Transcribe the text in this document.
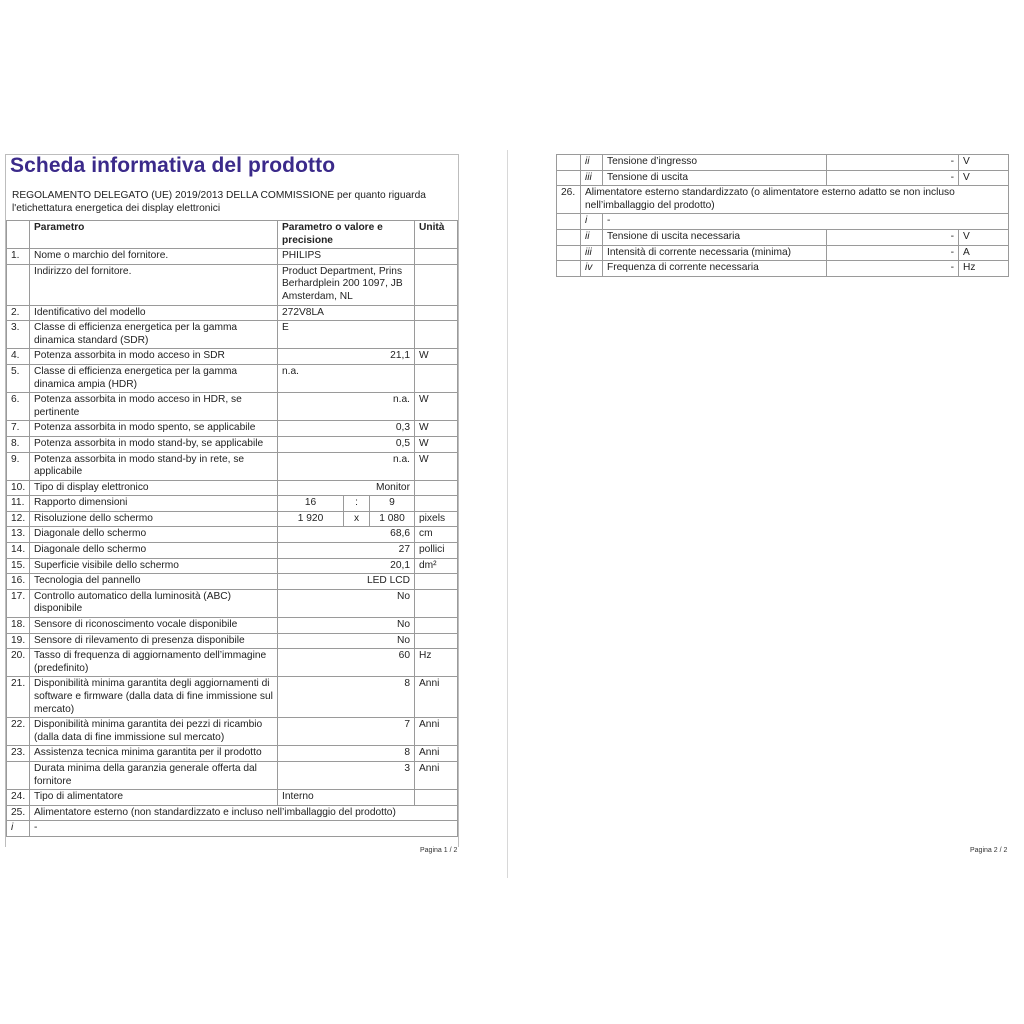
Scheda informativa del prodotto
REGOLAMENTO DELEGATO (UE) 2019/2013 DELLA COMMISSIONE per quanto riguarda l'etichettatura energetica dei display elettronici
	Parametro	Parametro o valore e precisione			Unità
1.	Nome o marchio del fornitore.	PHILIPS			
	Indirizzo del fornitore.	Product Department, Prins Berhardplein 200 1097, JB Amsterdam, NL			
2.	Identificativo del modello	272V8LA			
3.	Classe di efficienza energetica per la gamma dinamica standard (SDR)	E			
4.	Potenza assorbita in modo acceso in SDR	21,1			W
5.	Classe di efficienza energetica per la gamma dinamica ampia (HDR)	n.a.			
6.	Potenza assorbita in modo acceso in HDR, se pertinente	n.a.			W
7.	Potenza assorbita in modo spento, se applicabile	0,3			W
8.	Potenza assorbita in modo stand-by, se applicabile	0,5			W
9.	Potenza assorbita in modo stand-by in rete, se applicabile	n.a.			W
10.	Tipo di display elettronico	Monitor			
11.	Rapporto dimensioni	16	:	9	
12.	Risoluzione dello schermo	1 920	x	1 080	pixels
13.	Diagonale dello schermo	68,6			cm
14.	Diagonale dello schermo	27			pollici
15.	Superficie visibile dello schermo	20,1			dm²
16.	Tecnologia del pannello	LED LCD			
17.	Controllo automatico della luminosità (ABC) disponibile	No			
18.	Sensore di riconoscimento vocale disponibile	No			
19.	Sensore di rilevamento di presenza disponibile	No			
20.	Tasso di frequenza di aggiornamento dell’immagine (predefinito)	60			Hz
21.	Disponibilità minima garantita degli aggiornamenti di software e firmware (dalla data di fine immissione sul mercato)	8			Anni
22.	Disponibilità minima garantita dei pezzi di ricambio (dalla data di fine immissione sul mercato)	7			Anni
23.	Assistenza tecnica minima garantita per il prodotto	8			Anni
	Durata minima della garanzia generale offerta dal fornitore	3			Anni
24.	Tipo di alimentatore	Interno			
25.	Alimentatore esterno (non standardizzato e incluso nell’imballaggio del prodotto)				
i	-				
Pagina 1 / 2	Pagina 2 / 2
	ii	Tensione d’ingresso	-	V
	iii	Tensione di uscita	-	V
26.	Alimentatore esterno standardizzato (o alimentatore esterno adatto se non incluso nell’imballaggio del prodotto)			
	i	-		
	ii	Tensione di uscita necessaria	-	V
	iii	Intensità di corrente necessaria (minima)	-	A
	iv	Frequenza di corrente necessaria	-	Hz
